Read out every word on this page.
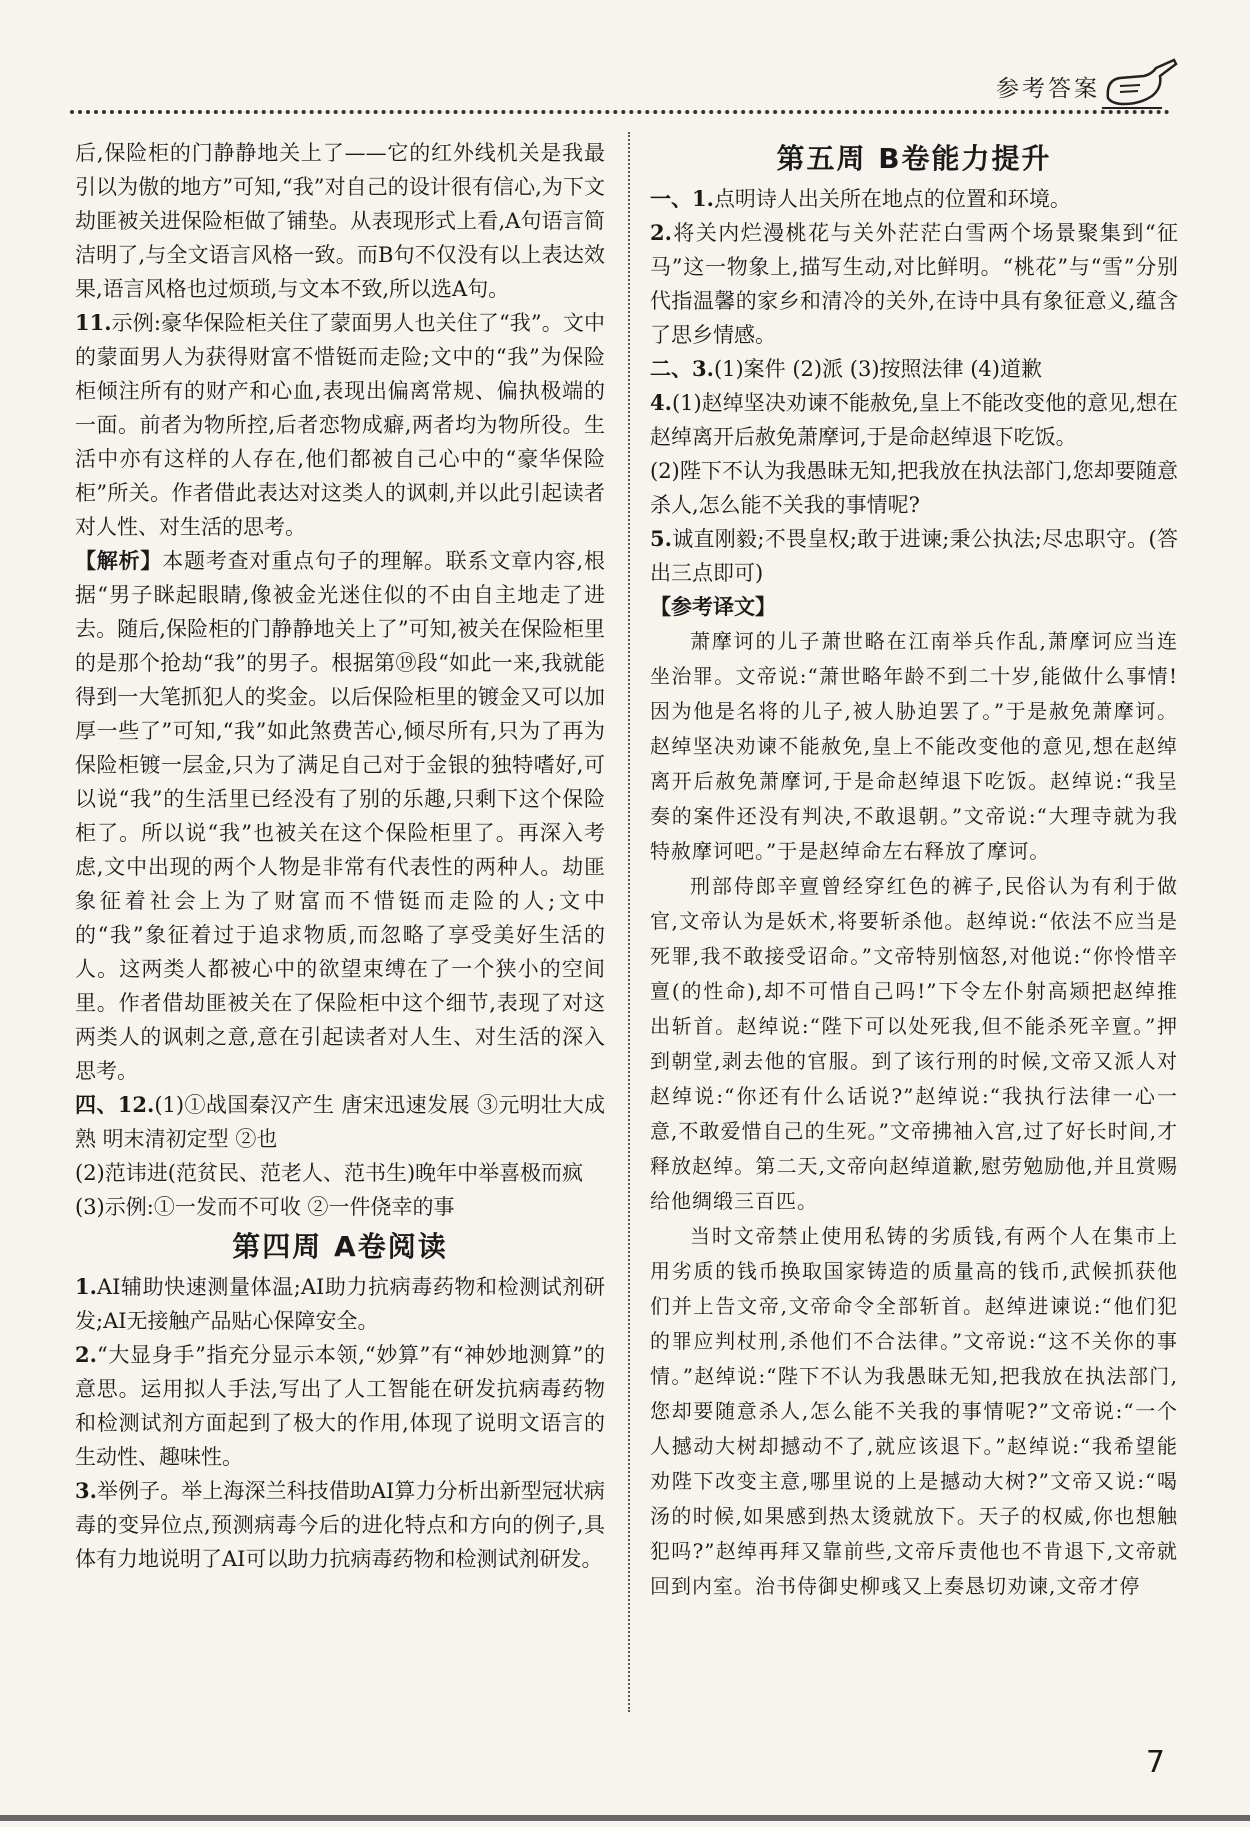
参考答案

后,保险柜的门静静地关上了——它的红外线机关是我最引以为傲的地方”可知,“我”对自己的设计很有信心,为下文劫匪被关进保险柜做了铺垫。从表现形式上看,A句语言简洁明了,与全文语言风格一致。而B句不仅没有以上表达效果,语言风格也过烦琐,与文本不致,所以选A句。

11.示例:豪华保险柜关住了蒙面男人也关住了“我”。文中的蒙面男人为获得财富不惜铤而走险;文中的“我”为保险柜倾注所有的财产和心血,表现出偏离常规、偏执极端的一面。前者为物所控,后者恋物成癖,两者均为物所役。生活中亦有这样的人存在,他们都被自己心中的“豪华保险柜”所关。作者借此表达对这类人的讽刺,并以此引起读者对人性、对生活的思考。

【解析】本题考查对重点句子的理解。联系文章内容,根据“男子眯起眼睛,像被金光迷住似的不由自主地走了进去。随后,保险柜的门静静地关上了”可知,被关在保险柜里的是那个抢劫“我”的男子。根据第⑲段“如此一来,我就能得到一大笔抓犯人的奖金。以后保险柜里的镀金又可以加厚一些了”可知,“我”如此煞费苦心,倾尽所有,只为了再为保险柜镀一层金,只为了满足自己对于金银的独特嗜好,可以说“我”的生活里已经没有了别的乐趣,只剩下这个保险柜了。所以说“我”也被关在这个保险柜里了。再深入考虑,文中出现的两个人物是非常有代表性的两种人。劫匪象征着社会上为了财富而不惜铤而走险的人;文中的“我”象征着过于追求物质,而忽略了享受美好生活的人。这两类人都被心中的欲望束缚在了一个狭小的空间里。作者借劫匪被关在了保险柜中这个细节,表现了对这两类人的讽刺之意,意在引起读者对人生、对生活的深入思考。

四、12.(1)①战国秦汉产生 唐宋迅速发展 ③元明壮大成熟 明末清初定型 ②也

(2)范讳进(范贫民、范老人、范书生)晚年中举喜极而疯

(3)示例:①一发而不可收 ②一件侥幸的事

第四周 A卷阅读

1.AI辅助快速测量体温;AI助力抗病毒药物和检测试剂研发;AI无接触产品贴心保障安全。

2.“大显身手”指充分显示本领,“妙算”有“神妙地测算”的意思。运用拟人手法,写出了人工智能在研发抗病毒药物和检测试剂方面起到了极大的作用,体现了说明文语言的生动性、趣味性。

3.举例子。举上海深兰科技借助AI算力分析出新型冠状病毒的变异位点,预测病毒今后的进化特点和方向的例子,具体有力地说明了AI可以助力抗病毒药物和检测试剂研发。

第五周 B卷能力提升

一、1.点明诗人出关所在地点的位置和环境。

2.将关内烂漫桃花与关外茫茫白雪两个场景聚集到“征马”这一物象上,描写生动,对比鲜明。“桃花”与“雪”分别代指温馨的家乡和清冷的关外,在诗中具有象征意义,蕴含了思乡情感。

二、3.(1)案件 (2)派 (3)按照法律 (4)道歉

4.(1)赵绰坚决劝谏不能赦免,皇上不能改变他的意见,想在赵绰离开后赦免萧摩诃,于是命赵绰退下吃饭。

(2)陛下不认为我愚昧无知,把我放在执法部门,您却要随意杀人,怎么能不关我的事情呢?

5.诚直刚毅;不畏皇权;敢于进谏;秉公执法;尽忠职守。(答出三点即可)

【参考译文】

萧摩诃的儿子萧世略在江南举兵作乱,萧摩诃应当连坐治罪。文帝说:“萧世略年龄不到二十岁,能做什么事情!因为他是名将的儿子,被人胁迫罢了。”于是赦免萧摩诃。赵绰坚决劝谏不能赦免,皇上不能改变他的意见,想在赵绰离开后赦免萧摩诃,于是命赵绰退下吃饭。赵绰说:“我呈奏的案件还没有判决,不敢退朝。”文帝说:“大理寺就为我特赦摩诃吧。”于是赵绰命左右释放了摩诃。

刑部侍郎辛亶曾经穿红色的裤子,民俗认为有利于做官,文帝认为是妖术,将要斩杀他。赵绰说:“依法不应当是死罪,我不敢接受诏命。”文帝特别恼怒,对他说:“你怜惜辛亶(的性命),却不可惜自己吗!”下令左仆射高颎把赵绰推出斩首。赵绰说:“陛下可以处死我,但不能杀死辛亶。”押到朝堂,剥去他的官服。到了该行刑的时候,文帝又派人对赵绰说:“你还有什么话说?”赵绰说:“我执行法律一心一意,不敢爱惜自己的生死。”文帝拂袖入宫,过了好长时间,才释放赵绰。第二天,文帝向赵绰道歉,慰劳勉励他,并且赏赐给他绸缎三百匹。

当时文帝禁止使用私铸的劣质钱,有两个人在集市上用劣质的钱币换取国家铸造的质量高的钱币,武候抓获他们并上告文帝,文帝命令全部斩首。赵绰进谏说:“他们犯的罪应判杖刑,杀他们不合法律。”文帝说:“这不关你的事情。”赵绰说:“陛下不认为我愚昧无知,把我放在执法部门,您却要随意杀人,怎么能不关我的事情呢?”文帝说:“一个人撼动大树却撼动不了,就应该退下。”赵绰说:“我希望能劝陛下改变主意,哪里说的上是撼动大树?”文帝又说:“喝汤的时候,如果感到热太烫就放下。天子的权威,你也想触犯吗?”赵绰再拜又靠前些,文帝斥责他也不肯退下,文帝就回到内室。治书侍御史柳彧又上奏恳切劝谏,文帝才停

7
